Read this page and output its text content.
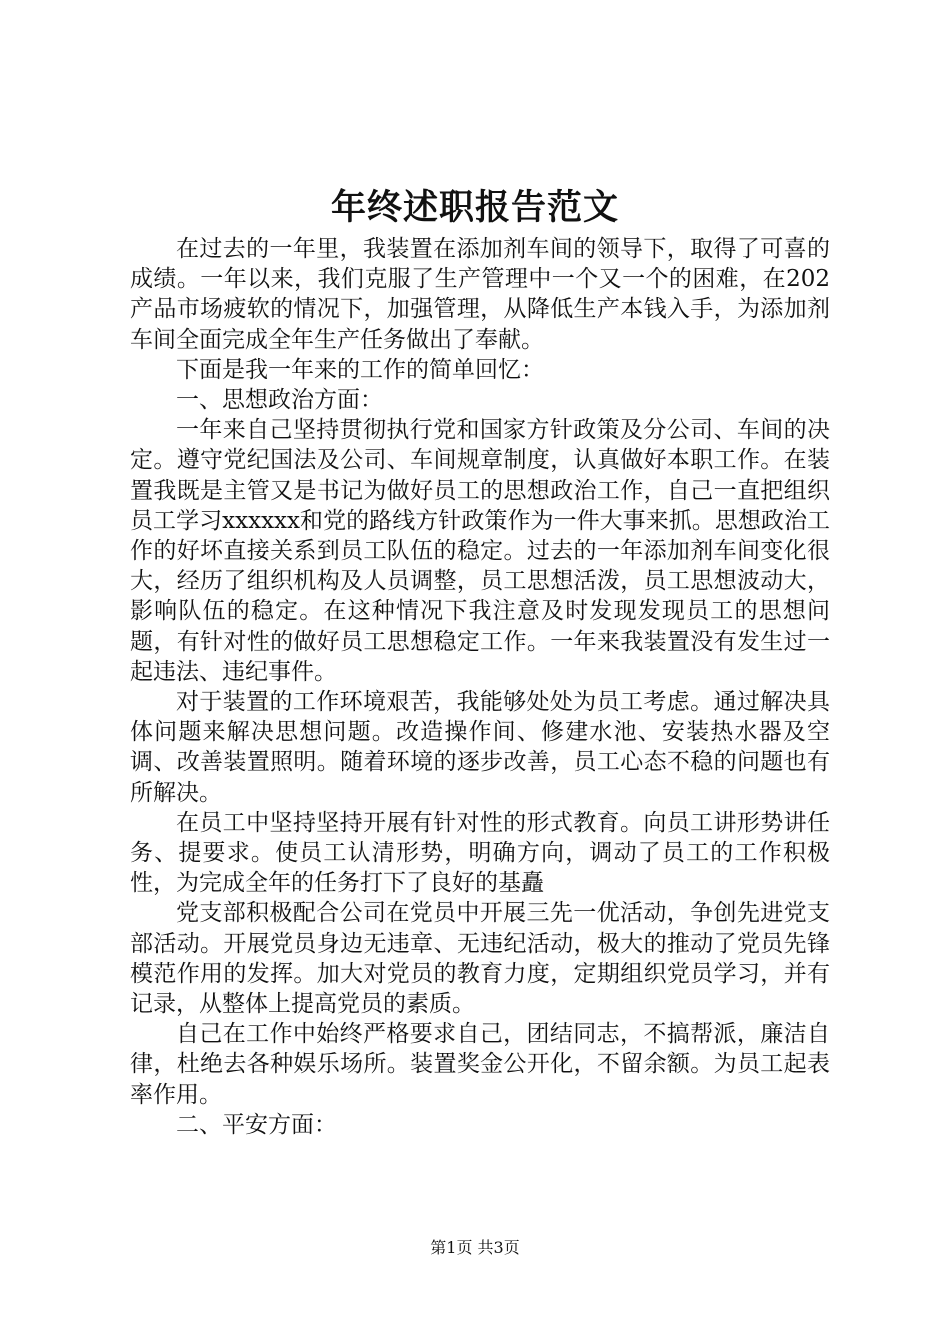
年终述职报告范文

在过去的一年里，我装置在添加剂车间的领导下，取得了可喜的成绩。一年以来，我们克服了生产管理中一个又一个的困难，在202产品市场疲软的情况下，加强管理，从降低生产本钱入手，为添加剂车间全面完成全年生产任务做出了奉献。

下面是我一年来的工作的简单回忆：

一、思想政治方面：

一年来自己坚持贯彻执行党和国家方针政策及分公司、车间的决定。遵守党纪国法及公司、车间规章制度，认真做好本职工作。在装置我既是主管又是书记为做好员工的思想政治工作，自己一直把组织员工学习xxxxxx和党的路线方针政策作为一件大事来抓。思想政治工作的好坏直接关系到员工队伍的稳定。过去的一年添加剂车间变化很大，经历了组织机构及人员调整，员工思想活泼，员工思想波动大，影响队伍的稳定。在这种情况下我注意及时发现发现员工的思想问题，有针对性的做好员工思想稳定工作。一年来我装置没有发生过一起违法、违纪事件。

对于装置的工作环境艰苦，我能够处处为员工考虑。通过解决具体问题来解决思想问题。改造操作间、修建水池、安装热水器及空调、改善装置照明。随着环境的逐步改善，员工心态不稳的问题也有所解决。

在员工中坚持坚持开展有针对性的形式教育。向员工讲形势讲任务、提要求。使员工认清形势，明确方向，调动了员工的工作积极性，为完成全年的任务打下了良好的基矗

党支部积极配合公司在党员中开展三先一优活动，争创先进党支部活动。开展党员身边无违章、无违纪活动，极大的推动了党员先锋模范作用的发挥。加大对党员的教育力度，定期组织党员学习，并有记录，从整体上提高党员的素质。

自己在工作中始终严格要求自己，团结同志，不搞帮派，廉洁自律，杜绝去各种娱乐场所。装置奖金公开化，不留余额。为员工起表率作用。

二、平安方面：

第1页 共3页
